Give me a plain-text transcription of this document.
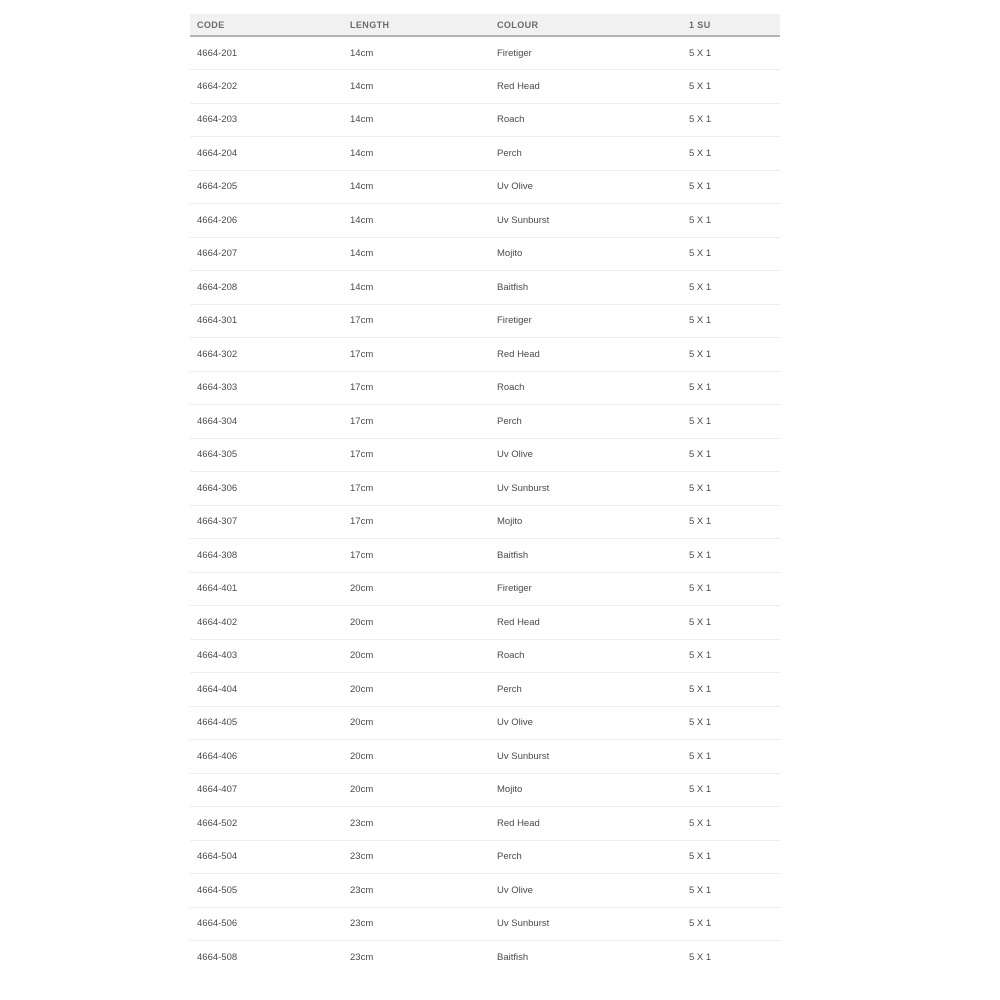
CODE	LENGTH	COLOUR	1 SU
4664-201	14cm	Firetiger	5 X 1
4664-202	14cm	Red Head	5 X 1
4664-203	14cm	Roach	5 X 1
4664-204	14cm	Perch	5 X 1
4664-205	14cm	Uv Olive	5 X 1
4664-206	14cm	Uv Sunburst	5 X 1
4664-207	14cm	Mojito	5 X 1
4664-208	14cm	Baitfish	5 X 1
4664-301	17cm	Firetiger	5 X 1
4664-302	17cm	Red Head	5 X 1
4664-303	17cm	Roach	5 X 1
4664-304	17cm	Perch	5 X 1
4664-305	17cm	Uv Olive	5 X 1
4664-306	17cm	Uv Sunburst	5 X 1
4664-307	17cm	Mojito	5 X 1
4664-308	17cm	Baitfish	5 X 1
4664-401	20cm	Firetiger	5 X 1
4664-402	20cm	Red Head	5 X 1
4664-403	20cm	Roach	5 X 1
4664-404	20cm	Perch	5 X 1
4664-405	20cm	Uv Olive	5 X 1
4664-406	20cm	Uv Sunburst	5 X 1
4664-407	20cm	Mojito	5 X 1
4664-502	23cm	Red Head	5 X 1
4664-504	23cm	Perch	5 X 1
4664-505	23cm	Uv Olive	5 X 1
4664-506	23cm	Uv Sunburst	5 X 1
4664-508	23cm	Baitfish	5 X 1
